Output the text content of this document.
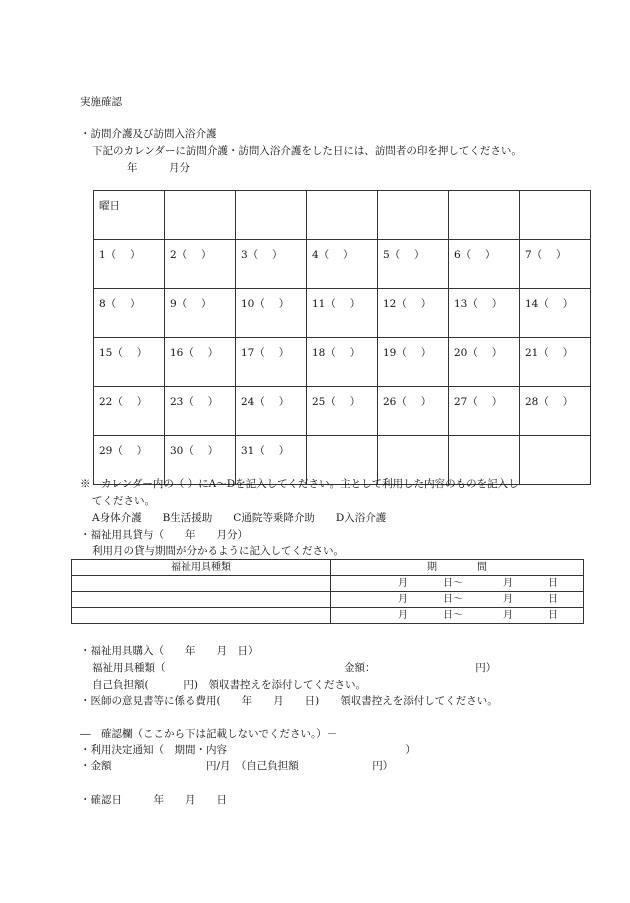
実施確認
・訪問介護及び訪問入浴介護
下記のカレンダーに訪問介護・訪問入浴介護をした日には、訪問者の印を押してください。
年　　　月分
曜日						

1（　 ）	2（　 ）	3（　 ）	4（　 ）	5（　 ）	6（　 ）	7（　 ）

8（　 ）	9（　 ）	10（　 ）	11（　 ）	12（　 ）	13（　 ）	14（　 ）

15（　 ）	16（　 ）	17（　 ）	18（　 ）	19（　 ）	20（　 ）	21（　 ）

22（　 ）	23（　 ）	24（　 ）	25（　 ）	26（　 ）	27（　 ）	28（　 ）

29（　 ）	30（　 ）	31（　 ）				

※　カレンダー内の（ ）にA～Dを記入してください。主として利用した内容のものを記入し
てください。
A身体介護　　B生活援助　　C通院等乗降介助　　D入浴介護
・福祉用具貸与（　　年　　月分）
利用月の貸与期間が分かるように記入してください。
福祉用具種類	期　　　　間

	月 日～ 月 日

	月 日～ 月 日

	月 日～ 月 日
・福祉用具購入（　　年　　月　日）
福祉用具種類（　　　　　　　　　　　　　　　　　金額：　　　　　　　　　　円）
自己負担額(　　　 円)　領収書控えを添付してください。
・医師の意見書等に係る費用(　　年　　月　　日)　　領収書控えを添付してください。
―　確認欄（ここから下は記載しないでください。）－
・利用決定通知（　期間・内容　　　　　　　　　　　　　　　　　）
・金額　　　　　　　　　円/月　（自己負担額　　　　　　　円）
・確認日　　　年　　月　　日
